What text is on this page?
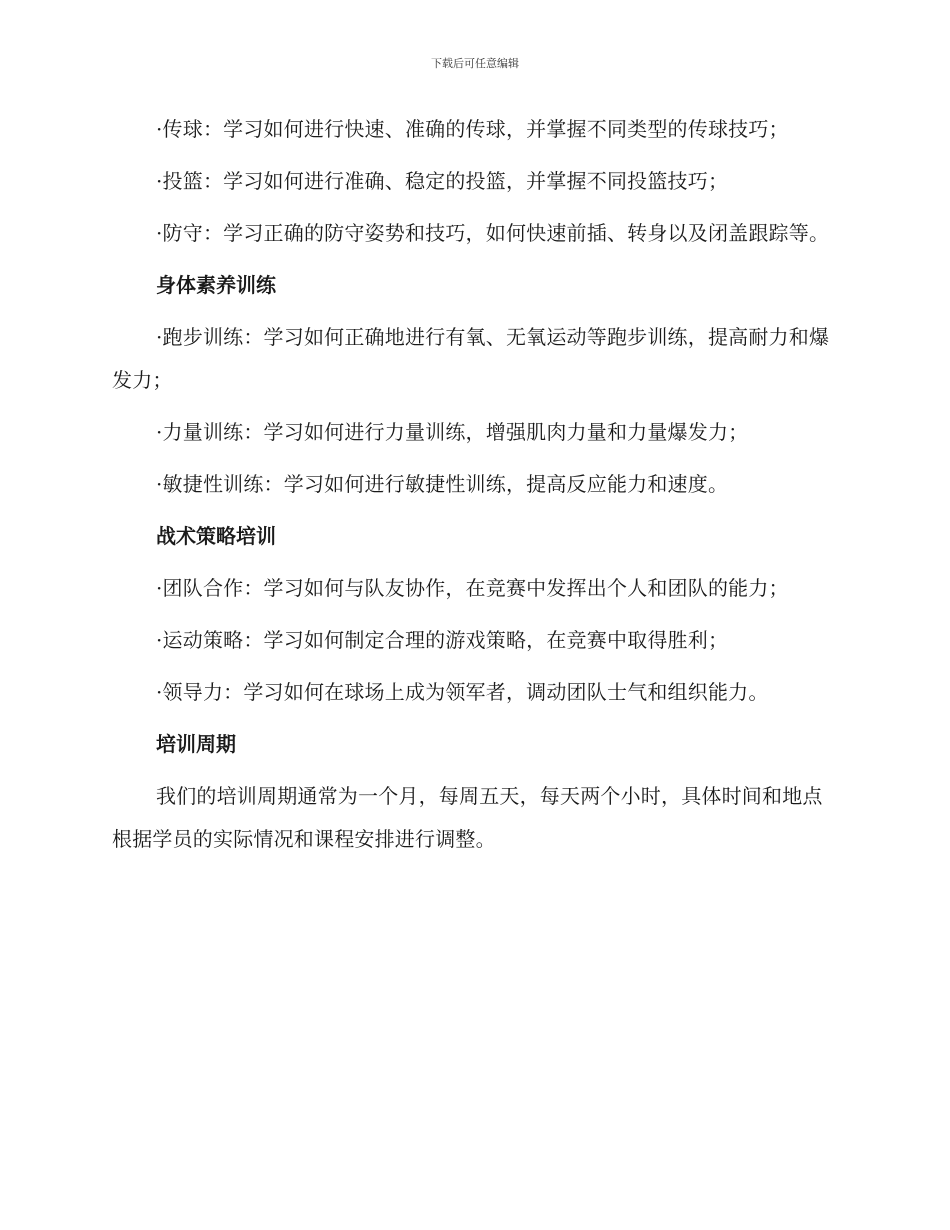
下载后可任意编辑

·传球：学习如何进行快速、准确的传球，并掌握不同类型的传球技巧；

·投篮：学习如何进行准确、稳定的投篮，并掌握不同投篮技巧；

·防守：学习正确的防守姿势和技巧，如何快速前插、转身以及闭盖跟踪等。

身体素养训练

·跑步训练：学习如何正确地进行有氧、无氧运动等跑步训练，提高耐力和爆发力；

·力量训练：学习如何进行力量训练，增强肌肉力量和力量爆发力；

·敏捷性训练：学习如何进行敏捷性训练，提高反应能力和速度。

战术策略培训

·团队合作：学习如何与队友协作，在竞赛中发挥出个人和团队的能力；

·运动策略：学习如何制定合理的游戏策略，在竞赛中取得胜利；

·领导力：学习如何在球场上成为领军者，调动团队士气和组织能力。

培训周期

我们的培训周期通常为一个月，每周五天，每天两个小时，具体时间和地点根据学员的实际情况和课程安排进行调整。
